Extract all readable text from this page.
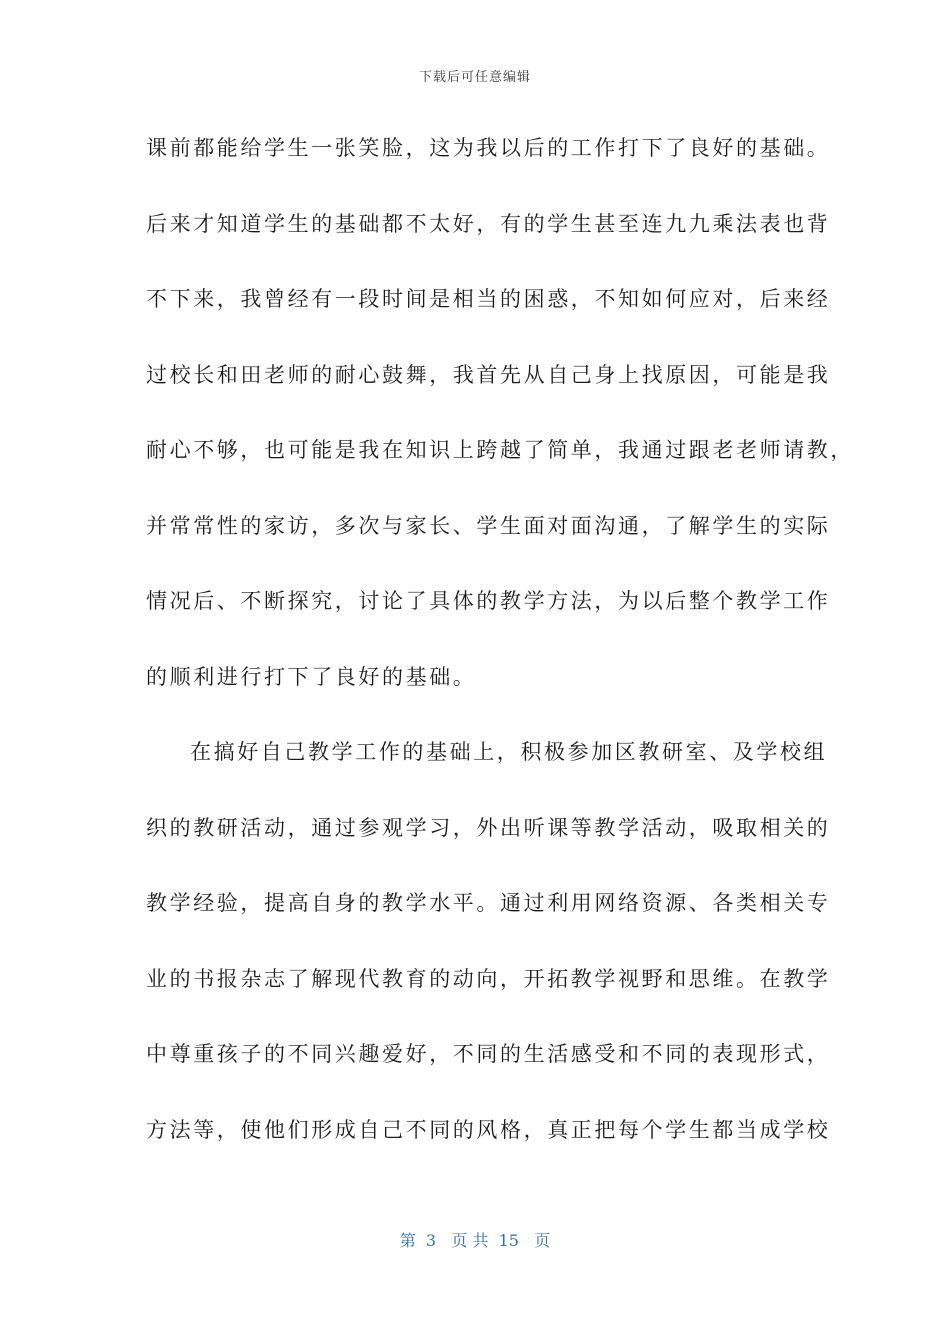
下载后可任意编辑
课前都能给学生一张笑脸，这为我以后的工作打下了良好的基础。
后来才知道学生的基础都不太好，有的学生甚至连九九乘法表也背
不下来，我曾经有一段时间是相当的困惑，不知如何应对，后来经
过校长和田老师的耐心鼓舞，我首先从自己身上找原因，可能是我
耐心不够，也可能是我在知识上跨越了简单，我通过跟老老师请教，
并常常性的家访，多次与家长、学生面对面沟通，了解学生的实际
情况后、不断探究，讨论了具体的教学方法，为以后整个教学工作
的顺利进行打下了良好的基础。
在搞好自己教学工作的基础上，积极参加区教研室、及学校组
织的教研活动，通过参观学习，外出听课等教学活动，吸取相关的
教学经验，提高自身的教学水平。通过利用网络资源、各类相关专
业的书报杂志了解现代教育的动向，开拓教学视野和思维。在教学
中尊重孩子的不同兴趣爱好，不同的生活感受和不同的表现形式，
方法等，使他们形成自己不同的风格，真正把每个学生都当成学校
第  3   页 共  15   页
